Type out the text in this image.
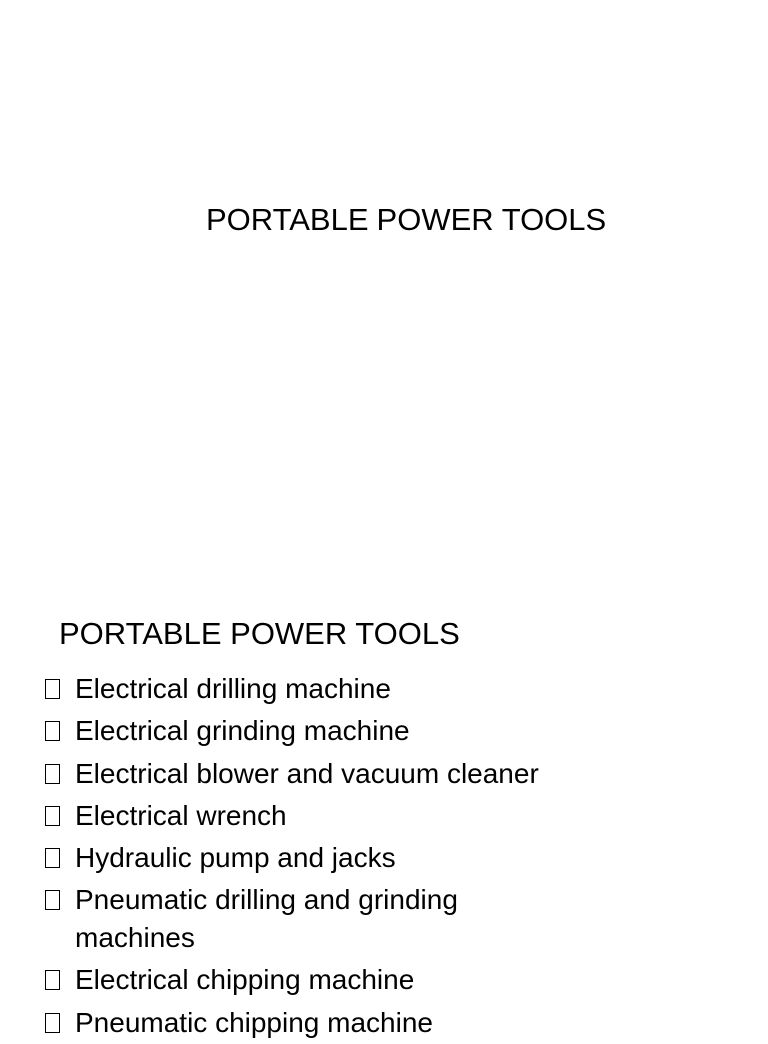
PORTABLE POWER TOOLS
PORTABLE POWER TOOLS
Electrical drilling machine
Electrical grinding machine
Electrical blower and vacuum cleaner
Electrical wrench
Hydraulic pump and jacks
Pneumatic drilling and grinding machines
Electrical chipping machine
Pneumatic chipping machine
